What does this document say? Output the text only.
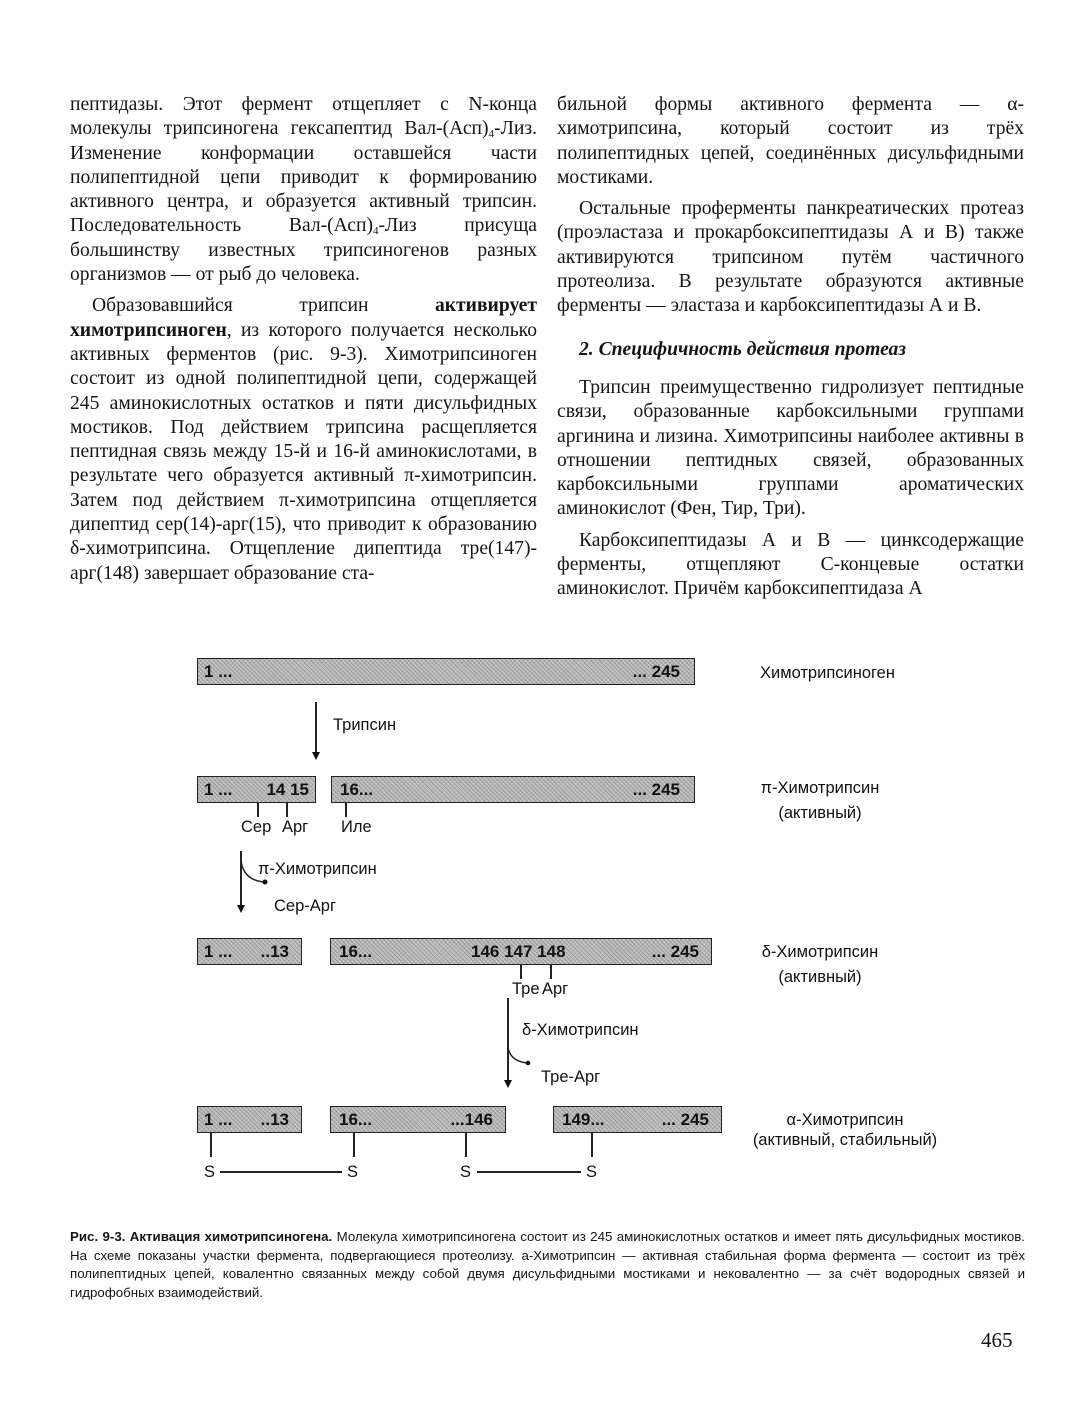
пептидазы. Этот фермент отщепляет с N-конца молекулы трипсиногена гексапептид Вал-$(Асп)_4$-Лиз. Изменение конформации оставшейся части полипептидной цепи приводит к формированию активного центра, и образуется активный трипсин. Последовательность Вал-$(Асп)_4$-Лиз присуща большинству известных трипсиногенов разных организмов — от рыб до человека.

Образовавшийся трипсин активирует химотрипсиноген, из которого получается несколько активных ферментов (рис. 9-3). Химотрипсиноген состоит из одной полипептидной цепи, содержащей 245 аминокислотных остатков и пяти дисульфидных мостиков. Под действием трипсина расщепляется пептидная связь между 15-й и 16-й аминокислотами, в результате чего образуется активный π-химотрипсин. Затем под действием π-химотрипсина отщепляется дипептид сер(14)-арг(15), что приводит к образованию δ-химотрипсина. Отщепление дипептида тре(147)-арг(148) завершает образование ста-

бильной формы активного фермента — α-химотрипсина, который состоит из трёх полипептидных цепей, соединённых дисульфидными мостиками.

Остальные проферменты панкреатических протеаз (проэластаза и прокарбоксипептидазы А и В) также активируются трипсином путём частичного протеолиза. В результате образуются активные ферменты — эластаза и карбоксипептидазы А и В.

2. Специфичность действия протеаз

Трипсин преимущественно гидролизует пептидные связи, образованные карбоксильными группами аргинина и лизина. Химотрипсины наиболее активны в отношении пептидных связей, образованных карбоксильными группами ароматических аминокислот (Фен, Тир, Три).

Карбоксипептидазы А и В — цинксодержащие ферменты, отщепляют С-концевые остатки аминокислот. Причём карбоксипептидаза А

1 ...	... 245	Химотрипсиноген
Трипсин
1 ... 14 15 16...	... 245
Сер Арг Иле
π-Химотрипсин
(активный)
π-Химотрипсин
Сер-Арг
1 ... ..13	16...	146 147 148	... 245
Тре Арг
δ-Химотрипсин
(активный)
δ-Химотрипсин
Тре-Арг
1 ... ..13	16...	...146	149...	... 245
S	S	S	S
α-Химотрипсин
(активный, стабильный)
Рис. 9-3. Активация химотрипсиногена. Молекула химотрипсиногена состоит из 245 аминокислотных остатков и имеет пять дисульфидных мостиков. На схеме показаны участки фермента, подвергающиеся протеолизу. а-Химотрипсин — активная стабильная форма фермента — состоит из трёх полипептидных цепей, ковалентно связанных между собой двумя дисульфидными мостиками и нековалентно — за счёт водородных связей и гидрофобных взаимодействий.
465
